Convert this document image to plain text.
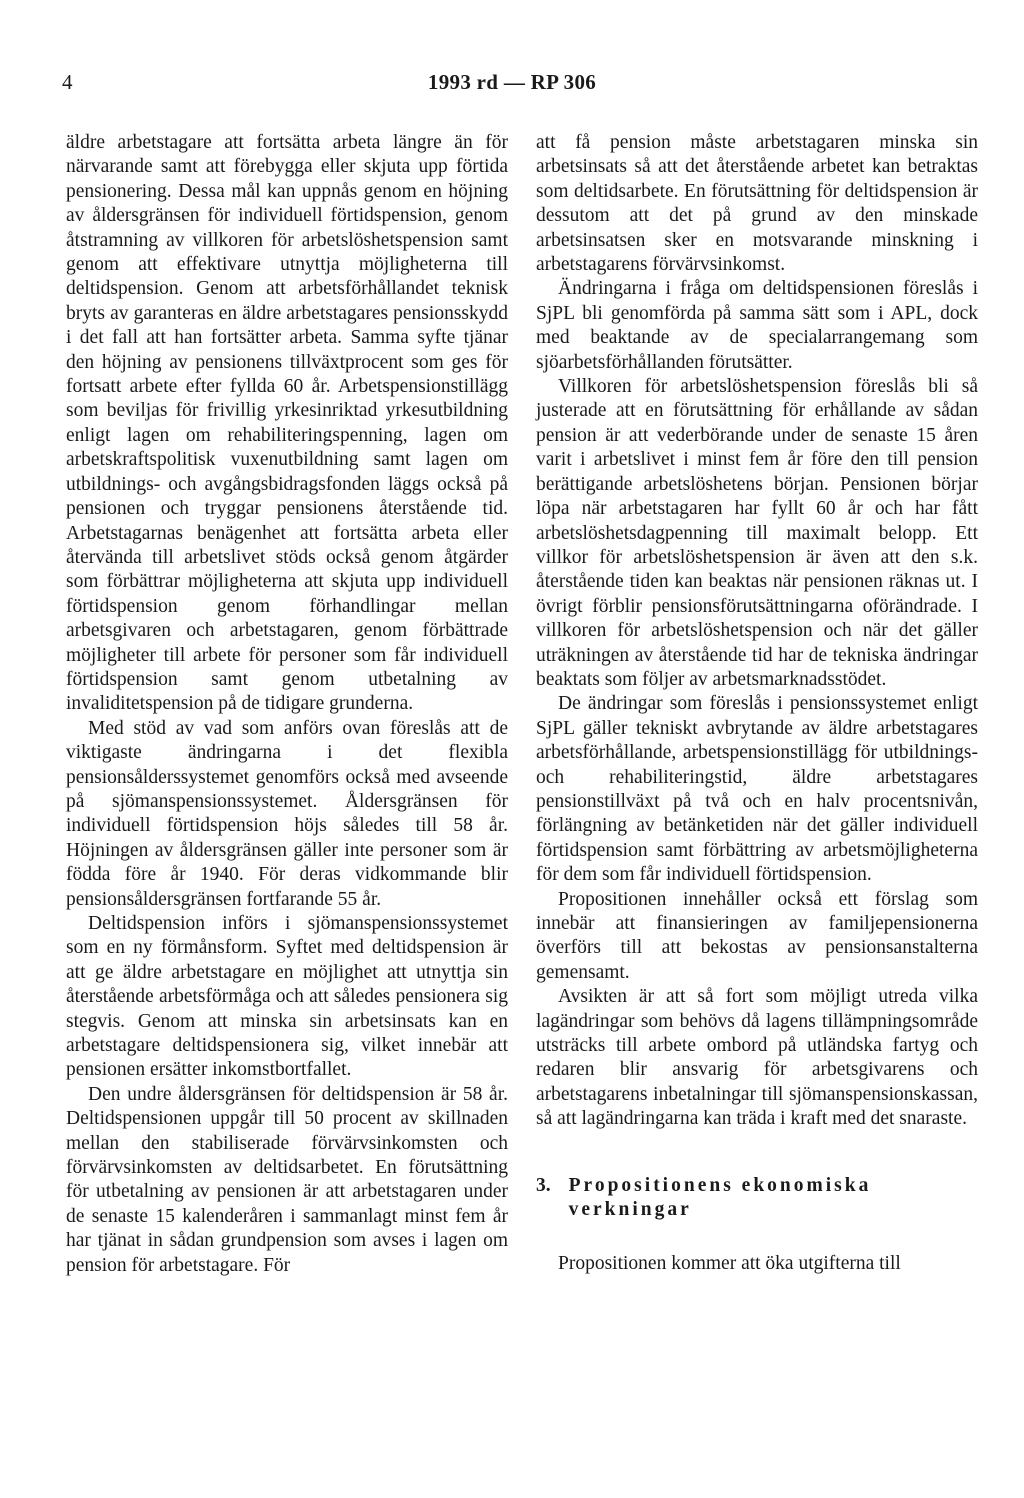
4	1993 rd — RP 306

äldre arbetstagare att fortsätta arbeta längre än för närvarande samt att förebygga eller skjuta upp förtida pensionering. Dessa mål kan uppnås genom en höjning av åldersgränsen för individuell förtidspension, genom åtstramning av villkoren för arbetslöshetspension samt genom att effektivare utnyttja möjligheterna till deltidspension. Genom att arbetsförhållandet teknisk bryts av garanteras en äldre arbetstagares pensionsskydd i det fall att han fortsätter arbeta. Samma syfte tjänar den höjning av pensionens tillväxtprocent som ges för fortsatt arbete efter fyllda 60 år. Arbetspensionstillägg som beviljas för frivillig yrkesinriktad yrkesutbildning enligt lagen om rehabiliteringspenning, lagen om arbetskraftspolitisk vuxenutbildning samt lagen om utbildnings- och avgångsbidragsfonden läggs också på pensionen och tryggar pensionens återstående tid. Arbetstagarnas benägenhet att fortsätta arbeta eller återvända till arbetslivet stöds också genom åtgärder som förbättrar möjligheterna att skjuta upp individuell förtidspension genom förhandlingar mellan arbetsgivaren och arbetstagaren, genom förbättrade möjligheter till arbete för personer som får individuell förtidspension samt genom utbetalning av invaliditetspension på de tidigare grunderna.

Med stöd av vad som anförs ovan föreslås att de viktigaste ändringarna i det flexibla pensionsålderssystemet genomförs också med avseende på sjömanspensionssystemet. Åldersgränsen för individuell förtidspension höjs således till 58 år. Höjningen av åldersgränsen gäller inte personer som är födda före år 1940. För deras vidkommande blir pensionsåldersgränsen fortfarande 55 år.

Deltidspension införs i sjömanspensionssystemet som en ny förmånsform. Syftet med deltidspension är att ge äldre arbetstagare en möjlighet att utnyttja sin återstående arbetsförmåga och att således pensionera sig stegvis. Genom att minska sin arbetsinsats kan en arbetstagare deltidspensionera sig, vilket innebär att pensionen ersätter inkomstbortfallet.

Den undre åldersgränsen för deltidspension är 58 år. Deltidspensionen uppgår till 50 procent av skillnaden mellan den stabiliserade förvärvsinkomsten och förvärvsinkomsten av deltidsarbetet. En förutsättning för utbetalning av pensionen är att arbetstagaren under de senaste 15 kalenderåren i sammanlagt minst fem år har tjänat in sådan grundpension som avses i lagen om pension för arbetstagare. För

att få pension måste arbetstagaren minska sin arbetsinsats så att det återstående arbetet kan betraktas som deltidsarbete. En förutsättning för deltidspension är dessutom att det på grund av den minskade arbetsinsatsen sker en motsvarande minskning i arbetstagarens förvärvsinkomst.

Ändringarna i fråga om deltidspensionen föreslås i SjPL bli genomförda på samma sätt som i APL, dock med beaktande av de specialarrangemang som sjöarbetsförhållanden förutsätter.

Villkoren för arbetslöshetspension föreslås bli så justerade att en förutsättning för erhållande av sådan pension är att vederbörande under de senaste 15 åren varit i arbetslivet i minst fem år före den till pension berättigande arbetslöshetens början. Pensionen börjar löpa när arbetstagaren har fyllt 60 år och har fått arbetslöshetsdagpenning till maximalt belopp. Ett villkor för arbetslöshetspension är även att den s.k. återstående tiden kan beaktas när pensionen räknas ut. I övrigt förblir pensionsförutsättningarna oförändrade. I villkoren för arbetslöshetspension och när det gäller uträkningen av återstående tid har de tekniska ändringar beaktats som följer av arbetsmarknadsstödet.

De ändringar som föreslås i pensionssystemet enligt SjPL gäller tekniskt avbrytande av äldre arbetstagares arbetsförhållande, arbetspensionstillägg för utbildnings- och rehabiliteringstid, äldre arbetstagares pensionstillväxt på två och en halv procentsnivån, förlängning av betänketiden när det gäller individuell förtidspension samt förbättring av arbetsmöjligheterna för dem som får individuell förtidspension.

Propositionen innehåller också ett förslag som innebär att finansieringen av familjepensionerna överförs till att bekostas av pensionsanstalterna gemensamt.

Avsikten är att så fort som möjligt utreda vilka lagändringar som behövs då lagens tillämpningsområde utsträcks till arbete ombord på utländska fartyg och redaren blir ansvarig för arbetsgivarens och arbetstagarens inbetalningar till sjömanspensionskassan, så att lagändringarna kan träda i kraft med det snaraste.

3. Propositionens ekonomiska verkningar

Propositionen kommer att öka utgifterna till
